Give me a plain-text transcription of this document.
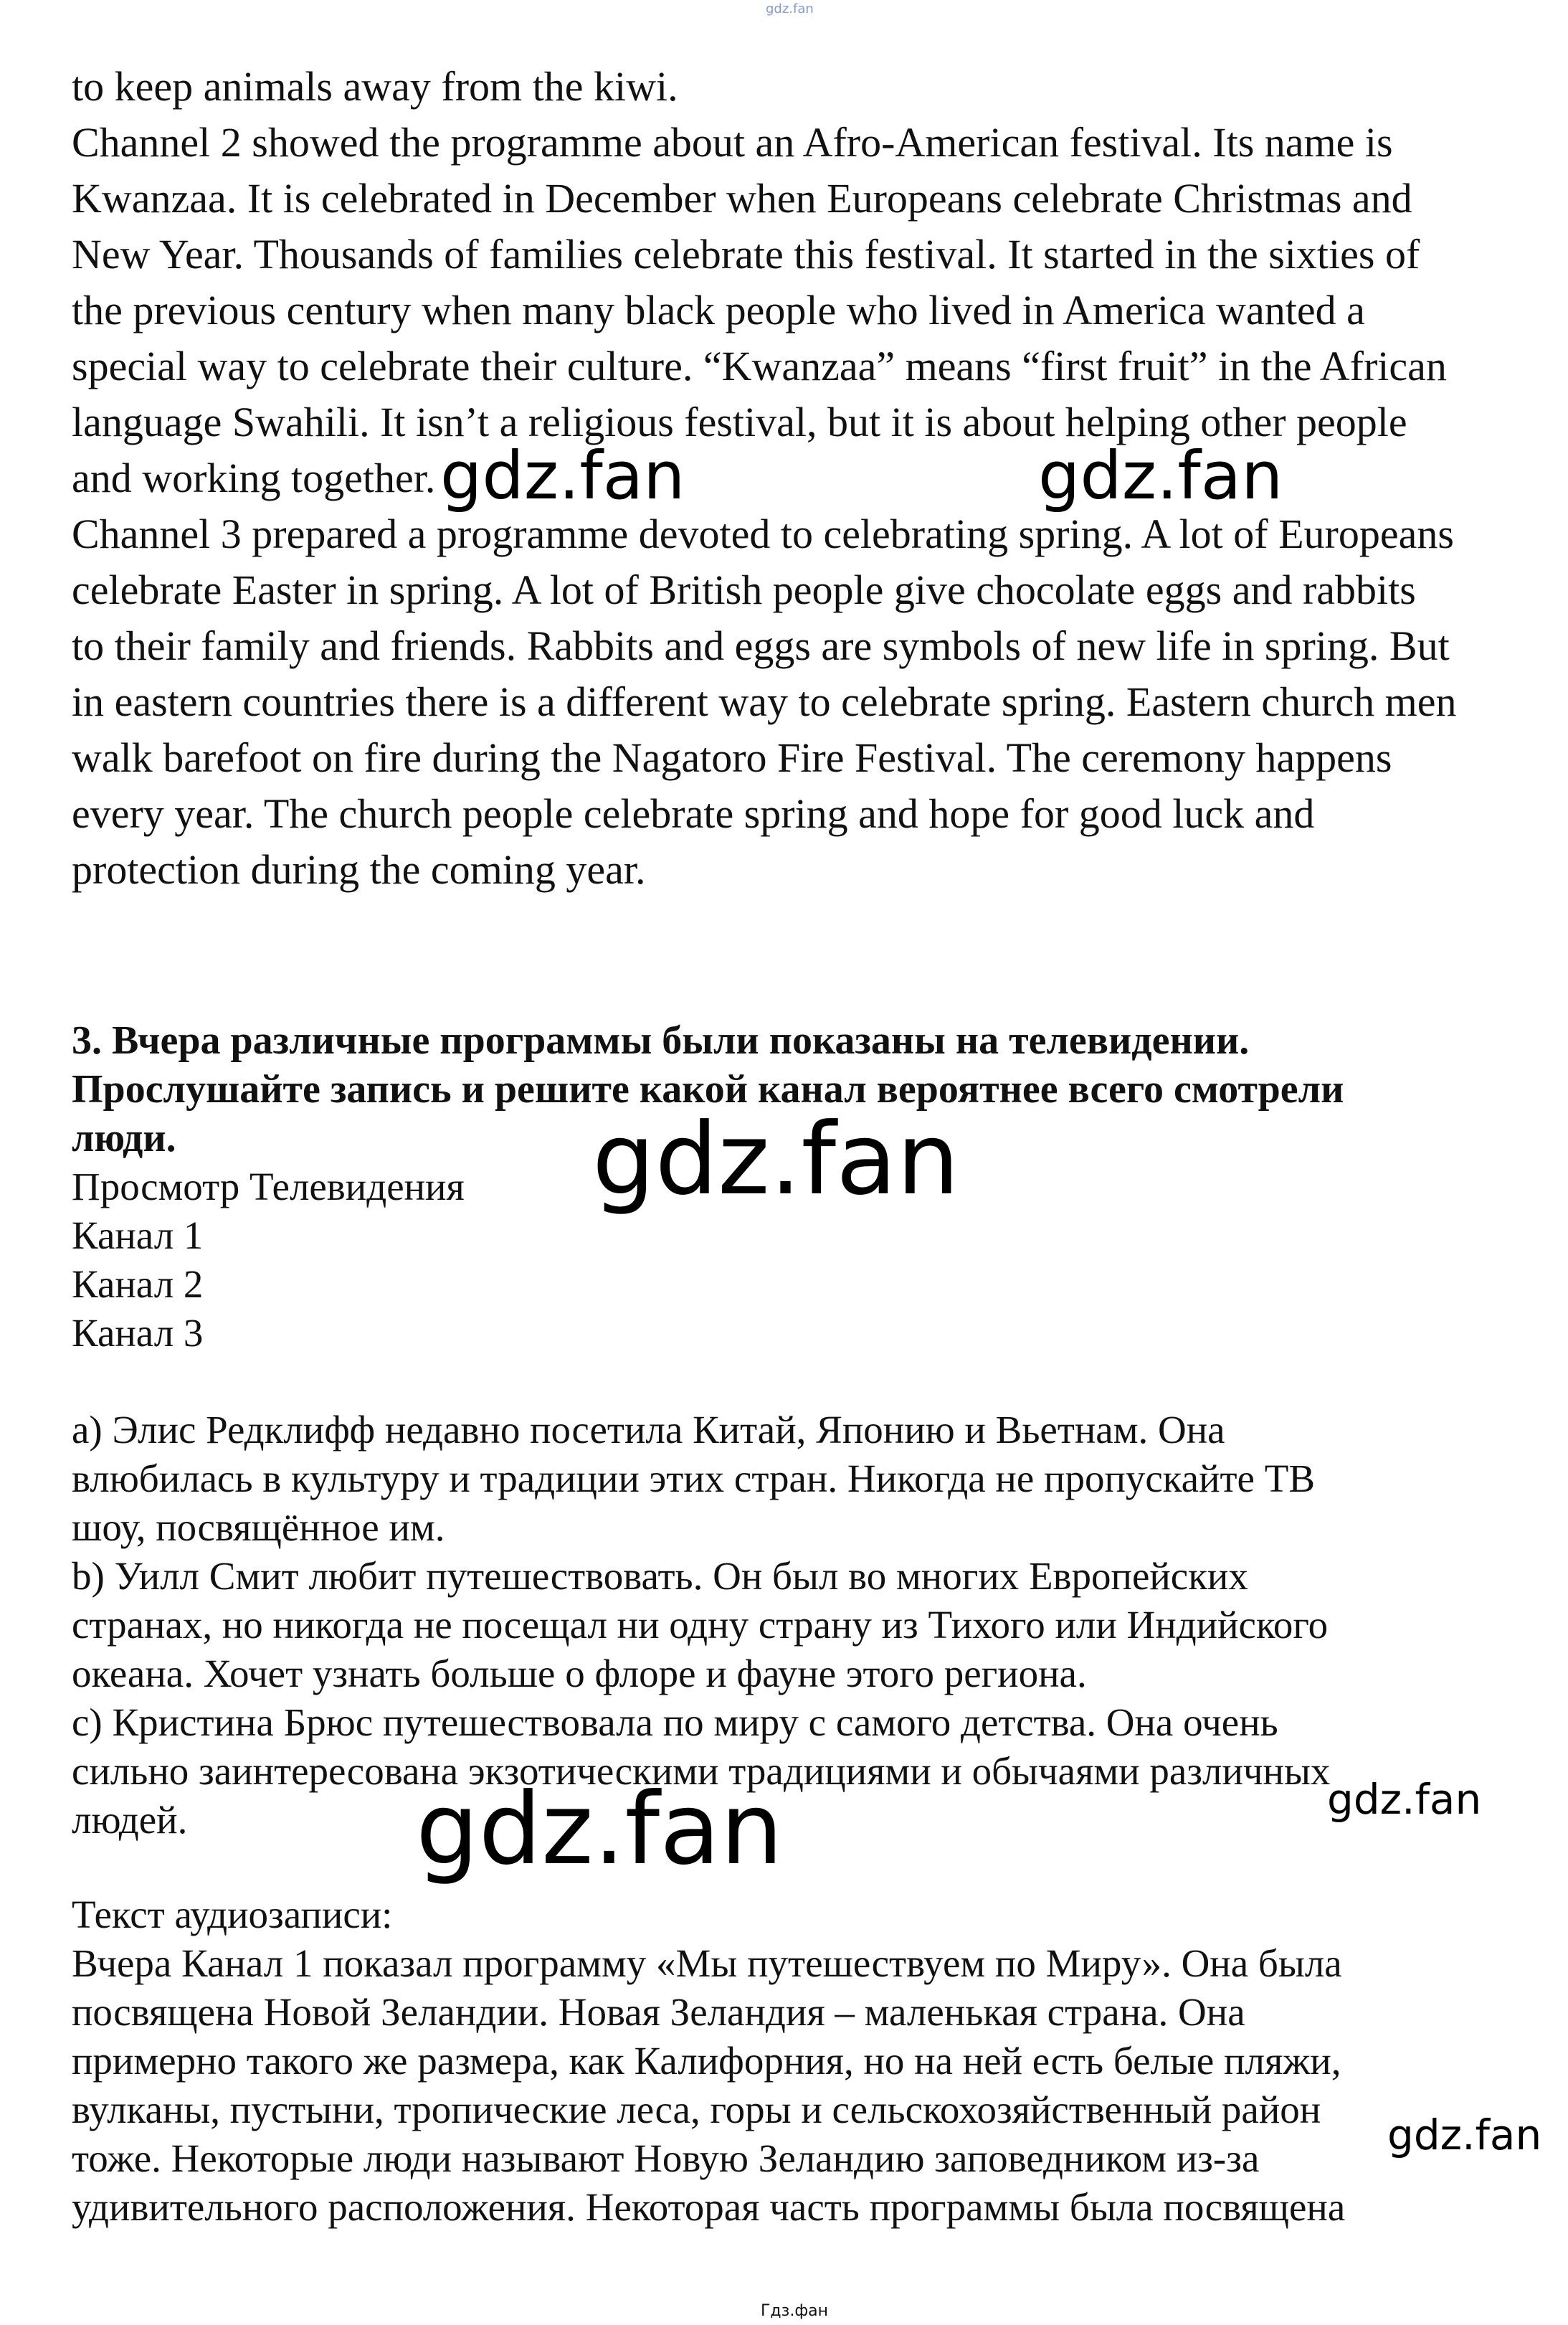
gdz.fan
to keep animals away from the kiwi.
Channel 2 showed the programme about an Afro-American festival. Its name is
Kwanzaa. It is celebrated in December when Europeans celebrate Christmas and
New Year. Thousands of families celebrate this festival. It started in the sixties of
the previous century when many black people who lived in America wanted a
special way to celebrate their culture. “Kwanzaa” means “first fruit” in the African
language Swahili. It isn’t a religious festival, but it is about helping other people
and working together.
Channel 3 prepared a programme devoted to celebrating spring. A lot of Europeans
celebrate Easter in spring. A lot of British people give chocolate eggs and rabbits
to their family and friends. Rabbits and eggs are symbols of new life in spring. But
in eastern countries there is a different way to celebrate spring. Eastern church men
walk barefoot on fire during the Nagatoro Fire Festival. The ceremony happens
every year. The church people celebrate spring and hope for good luck and
protection during the coming year.
gdz.fan	gdz.fan
3. Вчера различные программы были показаны на телевидении.
Прослушайте запись и решите какой канал вероятнее всего смотрели
люди.	gdz.fan
Просмотр Телевидения
Канал 1
Канал 2
Канал 3
a) Элис Редклифф недавно посетила Китай, Японию и Вьетнам. Она
влюбилась в культуру и традиции этих стран. Никогда не пропускайте ТВ
шоу, посвящённое им.
b) Уилл Смит любит путешествовать. Он был во многих Европейских
странах, но никогда не посещал ни одну страну из Тихого или Индийского
океана. Хочет узнать больше о флоре и фауне этого региона.
c) Кристина Брюс путешествовала по миру с самого детства. Она очень
сильно заинтересована экзотическими традициями и обычаями различных
людей. gdz.fan	gdz.fan
Текст аудиозаписи:
Вчера Канал 1 показал программу «Мы путешествуем по Миру». Она была
посвящена Новой Зеландии. Новая Зеландия – маленькая страна. Она
примерно такого же размера, как Калифорния, но на ней есть белые пляжи,
вулканы, пустыни, тропические леса, горы и сельскохозяйственный район
тоже. Некоторые люди называют Новую Зеландию заповедником из-за
удивительного расположения. Некоторая часть программы была посвящена
gdz.fan
Гдз.фан
